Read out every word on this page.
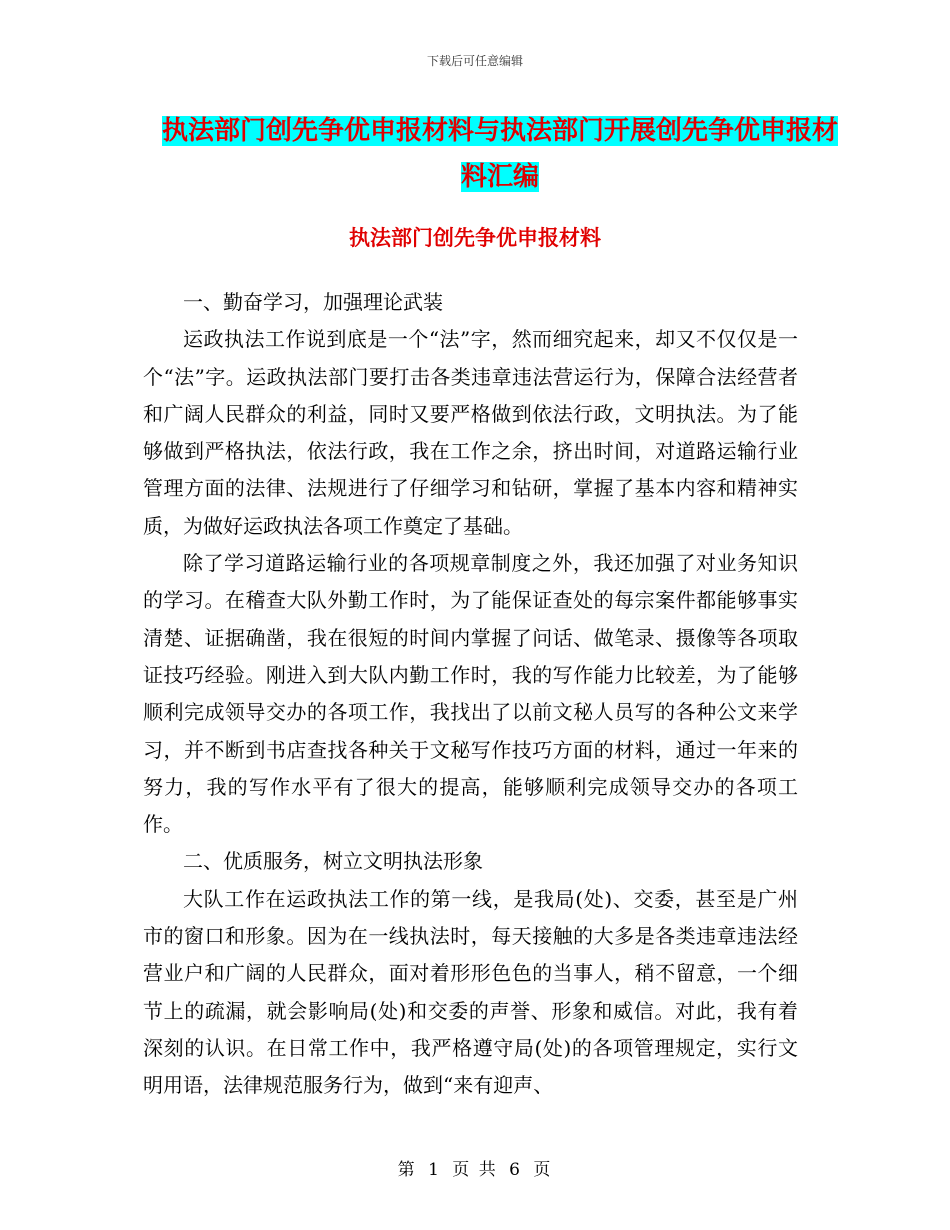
下载后可任意编辑
执法部门创先争优申报材料与执法部门开展创先争优申报材料汇编
执法部门创先争优申报材料

一、勤奋学习，加强理论武装

运政执法工作说到底是一个“法”字，然而细究起来，却又不仅仅是一个“法”字。运政执法部门要打击各类违章违法营运行为，保障合法经营者和广阔人民群众的利益，同时又要严格做到依法行政，文明执法。为了能够做到严格执法，依法行政，我在工作之余，挤出时间，对道路运输行业管理方面的法律、法规进行了仔细学习和钻研，掌握了基本内容和精神实质，为做好运政执法各项工作奠定了基础。

除了学习道路运输行业的各项规章制度之外，我还加强了对业务知识的学习。在稽查大队外勤工作时，为了能保证查处的每宗案件都能够事实清楚、证据确凿，我在很短的时间内掌握了问话、做笔录、摄像等各项取证技巧经验。刚进入到大队内勤工作时，我的写作能力比较差，为了能够顺利完成领导交办的各项工作，我找出了以前文秘人员写的各种公文来学习，并不断到书店查找各种关于文秘写作技巧方面的材料，通过一年来的努力，我的写作水平有了很大的提高，能够顺利完成领导交办的各项工作。

二、优质服务，树立文明执法形象

大队工作在运政执法工作的第一线，是我局(处)、交委，甚至是广州市的窗口和形象。因为在一线执法时，每天接触的大多是各类违章违法经营业户和广阔的人民群众，面对着形形色色的当事人，稍不留意，一个细节上的疏漏，就会影响局(处)和交委的声誉、形象和威信。对此，我有着深刻的认识。在日常工作中，我严格遵守局(处)的各项管理规定，实行文明用语，法律规范服务行为，做到“来有迎声、

第 1 页 共 6 页
